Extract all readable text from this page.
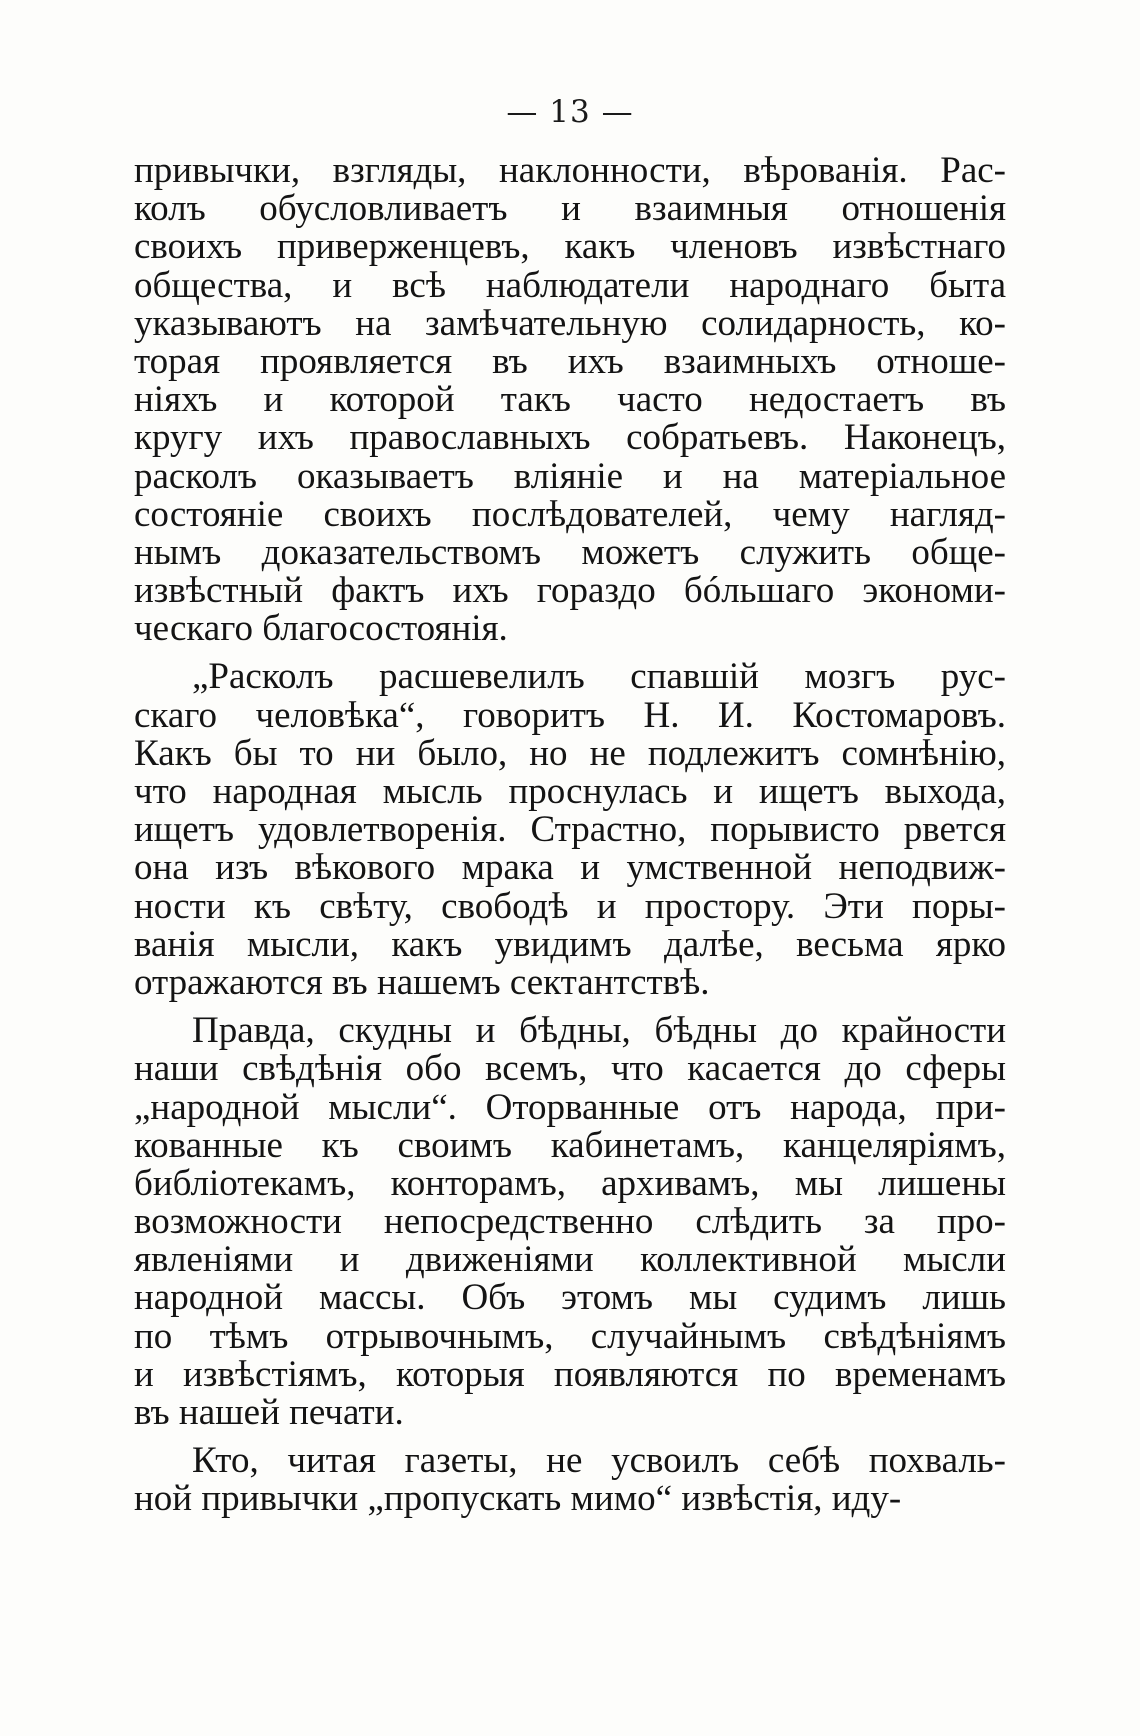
— 13 —
привычки, взгляды, наклонности, вѣрованія. Рас-
колъ обусловливаетъ и взаимныя отношенія
своихъ приверженцевъ, какъ членовъ извѣстнаго
общества, и всѣ наблюдатели народнаго быта
указываютъ на замѣчательную солидарность, ко-
торая проявляется въ ихъ взаимныхъ отноше-
ніяхъ и которой такъ часто недостаетъ въ
кругу ихъ православныхъ собратьевъ. Наконецъ,
расколъ оказываетъ вліяніе и на матеріальное
состояніе своихъ послѣдователей, чему нагляд-
нымъ доказательствомъ можетъ служить обще-
извѣстный фактъ ихъ гораздо бóльшаго экономи-
ческаго благосостоянія.
„Расколъ расшевелилъ спавшій мозгъ рус-
скаго человѣка“, говоритъ Н. И. Костомаровъ.
Какъ бы то ни было, но не подлежитъ сомнѣнію,
что народная мысль проснулась и ищетъ выхода,
ищетъ удовлетворенія. Страстно, порывисто рвется
она изъ вѣкового мрака и умственной неподвиж-
ности къ свѣту, свободѣ и простору. Эти поры-
ванія мысли, какъ увидимъ далѣе, весьма ярко
отражаются въ нашемъ сектантствѣ.
Правда, скудны и бѣдны, бѣдны до крайности
наши свѣдѣнія обо всемъ, что касается до сферы
„народной мысли“. Оторванные отъ народа, при-
кованные къ своимъ кабинетамъ, канцеляріямъ,
библіотекамъ, конторамъ, архивамъ, мы лишены
возможности непосредственно слѣдить за про-
явленіями и движеніями коллективной мысли
народной массы. Объ этомъ мы судимъ лишь
по тѣмъ отрывочнымъ, случайнымъ свѣдѣніямъ
и извѣстіямъ, которыя появляются по временамъ
въ нашей печати.
Кто, читая газеты, не усвоилъ себѣ похваль-
ной привычки „пропускать мимо“ извѣстія, иду-
